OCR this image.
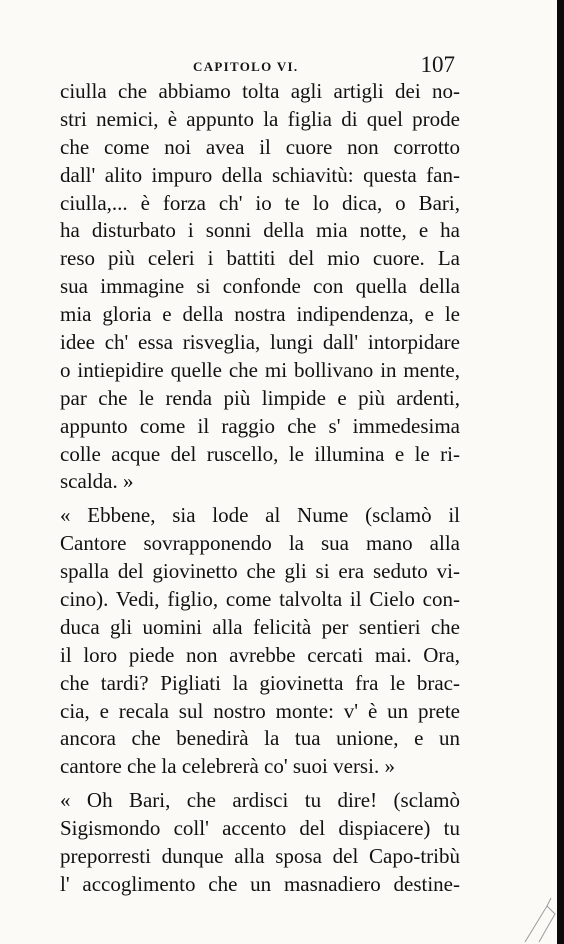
CAPITOLO VI.	107
ciulla che abbiamo tolta agli artigli dei no-
stri nemici, è appunto la figlia di quel prode
che come noi avea il cuore non corrotto
dall' alito impuro della schiavitù: questa fan-
ciulla,... è forza ch' io te lo dica, o Bari,
ha disturbato i sonni della mia notte, e ha
reso più celeri i battiti del mio cuore. La
sua immagine si confonde con quella della
mia gloria e della nostra indipendenza, e le
idee ch' essa risveglia, lungi dall' intorpidare
o intiepidire quelle che mi bollivano in mente,
par che le renda più limpide e più ardenti,
appunto come il raggio che s' immedesima
colle acque del ruscello, le illumina e le ri-
scalda. »
« Ebbene, sia lode al Nume (sclamò il
Cantore sovrapponendo la sua mano alla
spalla del giovinetto che gli si era seduto vi-
cino). Vedi, figlio, come talvolta il Cielo con-
duca gli uomini alla felicità per sentieri che
il loro piede non avrebbe cercati mai. Ora,
che tardi? Pigliati la giovinetta fra le brac-
cia, e recala sul nostro monte: v' è un prete
ancora che benedirà la tua unione, e un
cantore che la celebrerà co' suoi versi. »
« Oh Bari, che ardisci tu dire! (sclamò
Sigismondo coll' accento del dispiacere) tu
preporresti dunque alla sposa del Capo-tribù
l' accoglimento che un masnadiero destine-
